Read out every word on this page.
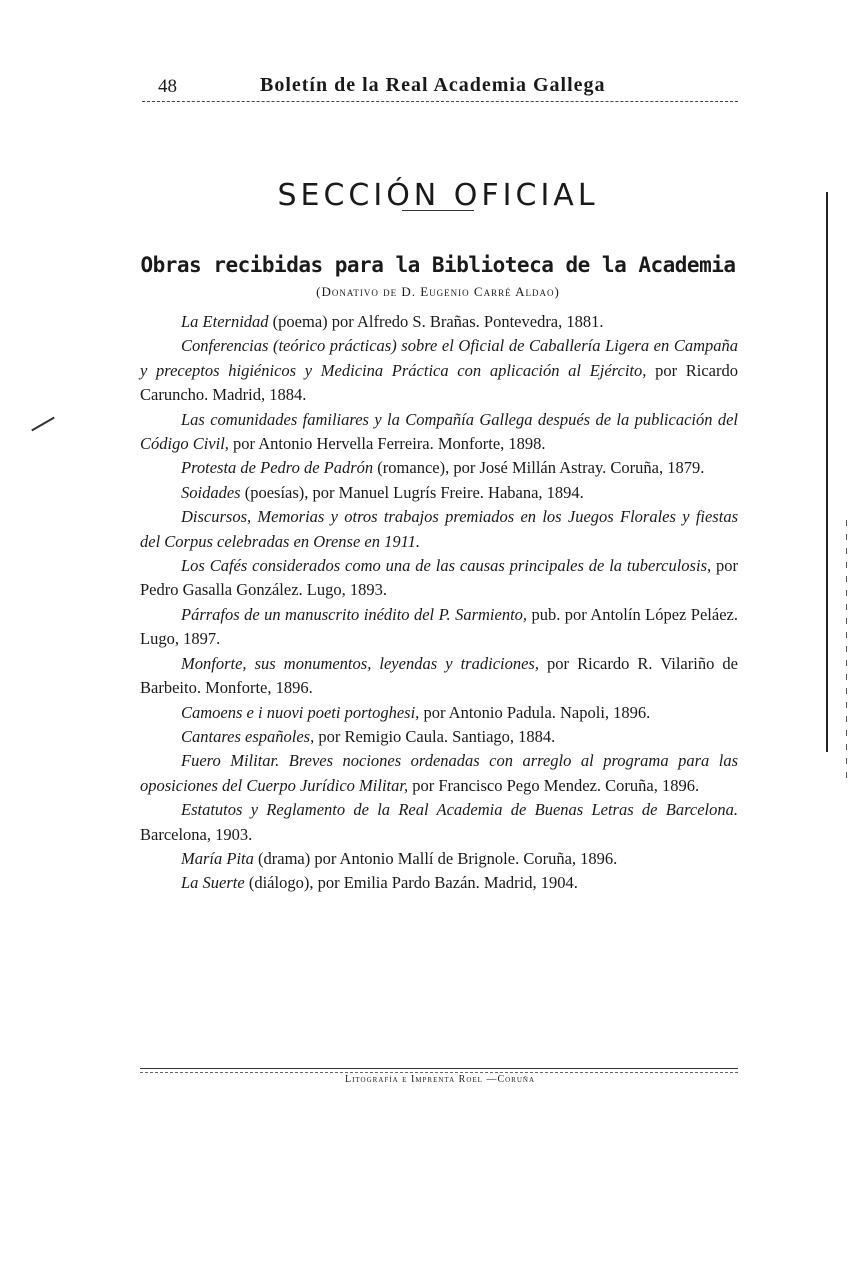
48	Boletín de la Real Academia Gallega
SECCIÓN OFICIAL
Obras recibidas para la Biblioteca de la Academia
(Donativo de D. Eugenio Carré Aldao)

La Eternidad (poema) por Alfredo S. Brañas. Pontevedra, 1881.

Conferencias (teórico prácticas) sobre el Oficial de Caballería Ligera en Campaña y preceptos higiénicos y Medicina Práctica con aplicación al Ejército, por Ricardo Caruncho. Madrid, 1884.

Las comunidades familiares y la Compañía Gallega después de la publicación del Código Civil, por Antonio Hervella Ferreira. Monforte, 1898.

Protesta de Pedro de Padrón (romance), por José Millán Astray. Coruña, 1879.

Soidades (poesías), por Manuel Lugrís Freire. Habana, 1894.

Discursos, Memorias y otros trabajos premiados en los Juegos Florales y fiestas del Corpus celebradas en Orense en 1911.

Los Cafés considerados como una de las causas principales de la tuberculosis, por Pedro Gasalla González. Lugo, 1893.

Párrafos de un manuscrito inédito del P. Sarmiento, pub. por Antolín López Peláez. Lugo, 1897.

Monforte, sus monumentos, leyendas y tradiciones, por Ricardo R. Vilariño de Barbeito. Monforte, 1896.

Camoens e i nuovi poeti portoghesi, por Antonio Padula. Napoli, 1896.

Cantares españoles, por Remigio Caula. Santiago, 1884.

Fuero Militar. Breves nociones ordenadas con arreglo al programa para las oposiciones del Cuerpo Jurídico Militar, por Francisco Pego Mendez. Coruña, 1896.

Estatutos y Reglamento de la Real Academia de Buenas Letras de Barcelona. Barcelona, 1903.

María Pita (drama) por Antonio Mallí de Brignole. Coruña, 1896.

La Suerte (diálogo), por Emilia Pardo Bazán. Madrid, 1904.

Litografía e Imprenta Roel —Coruña
